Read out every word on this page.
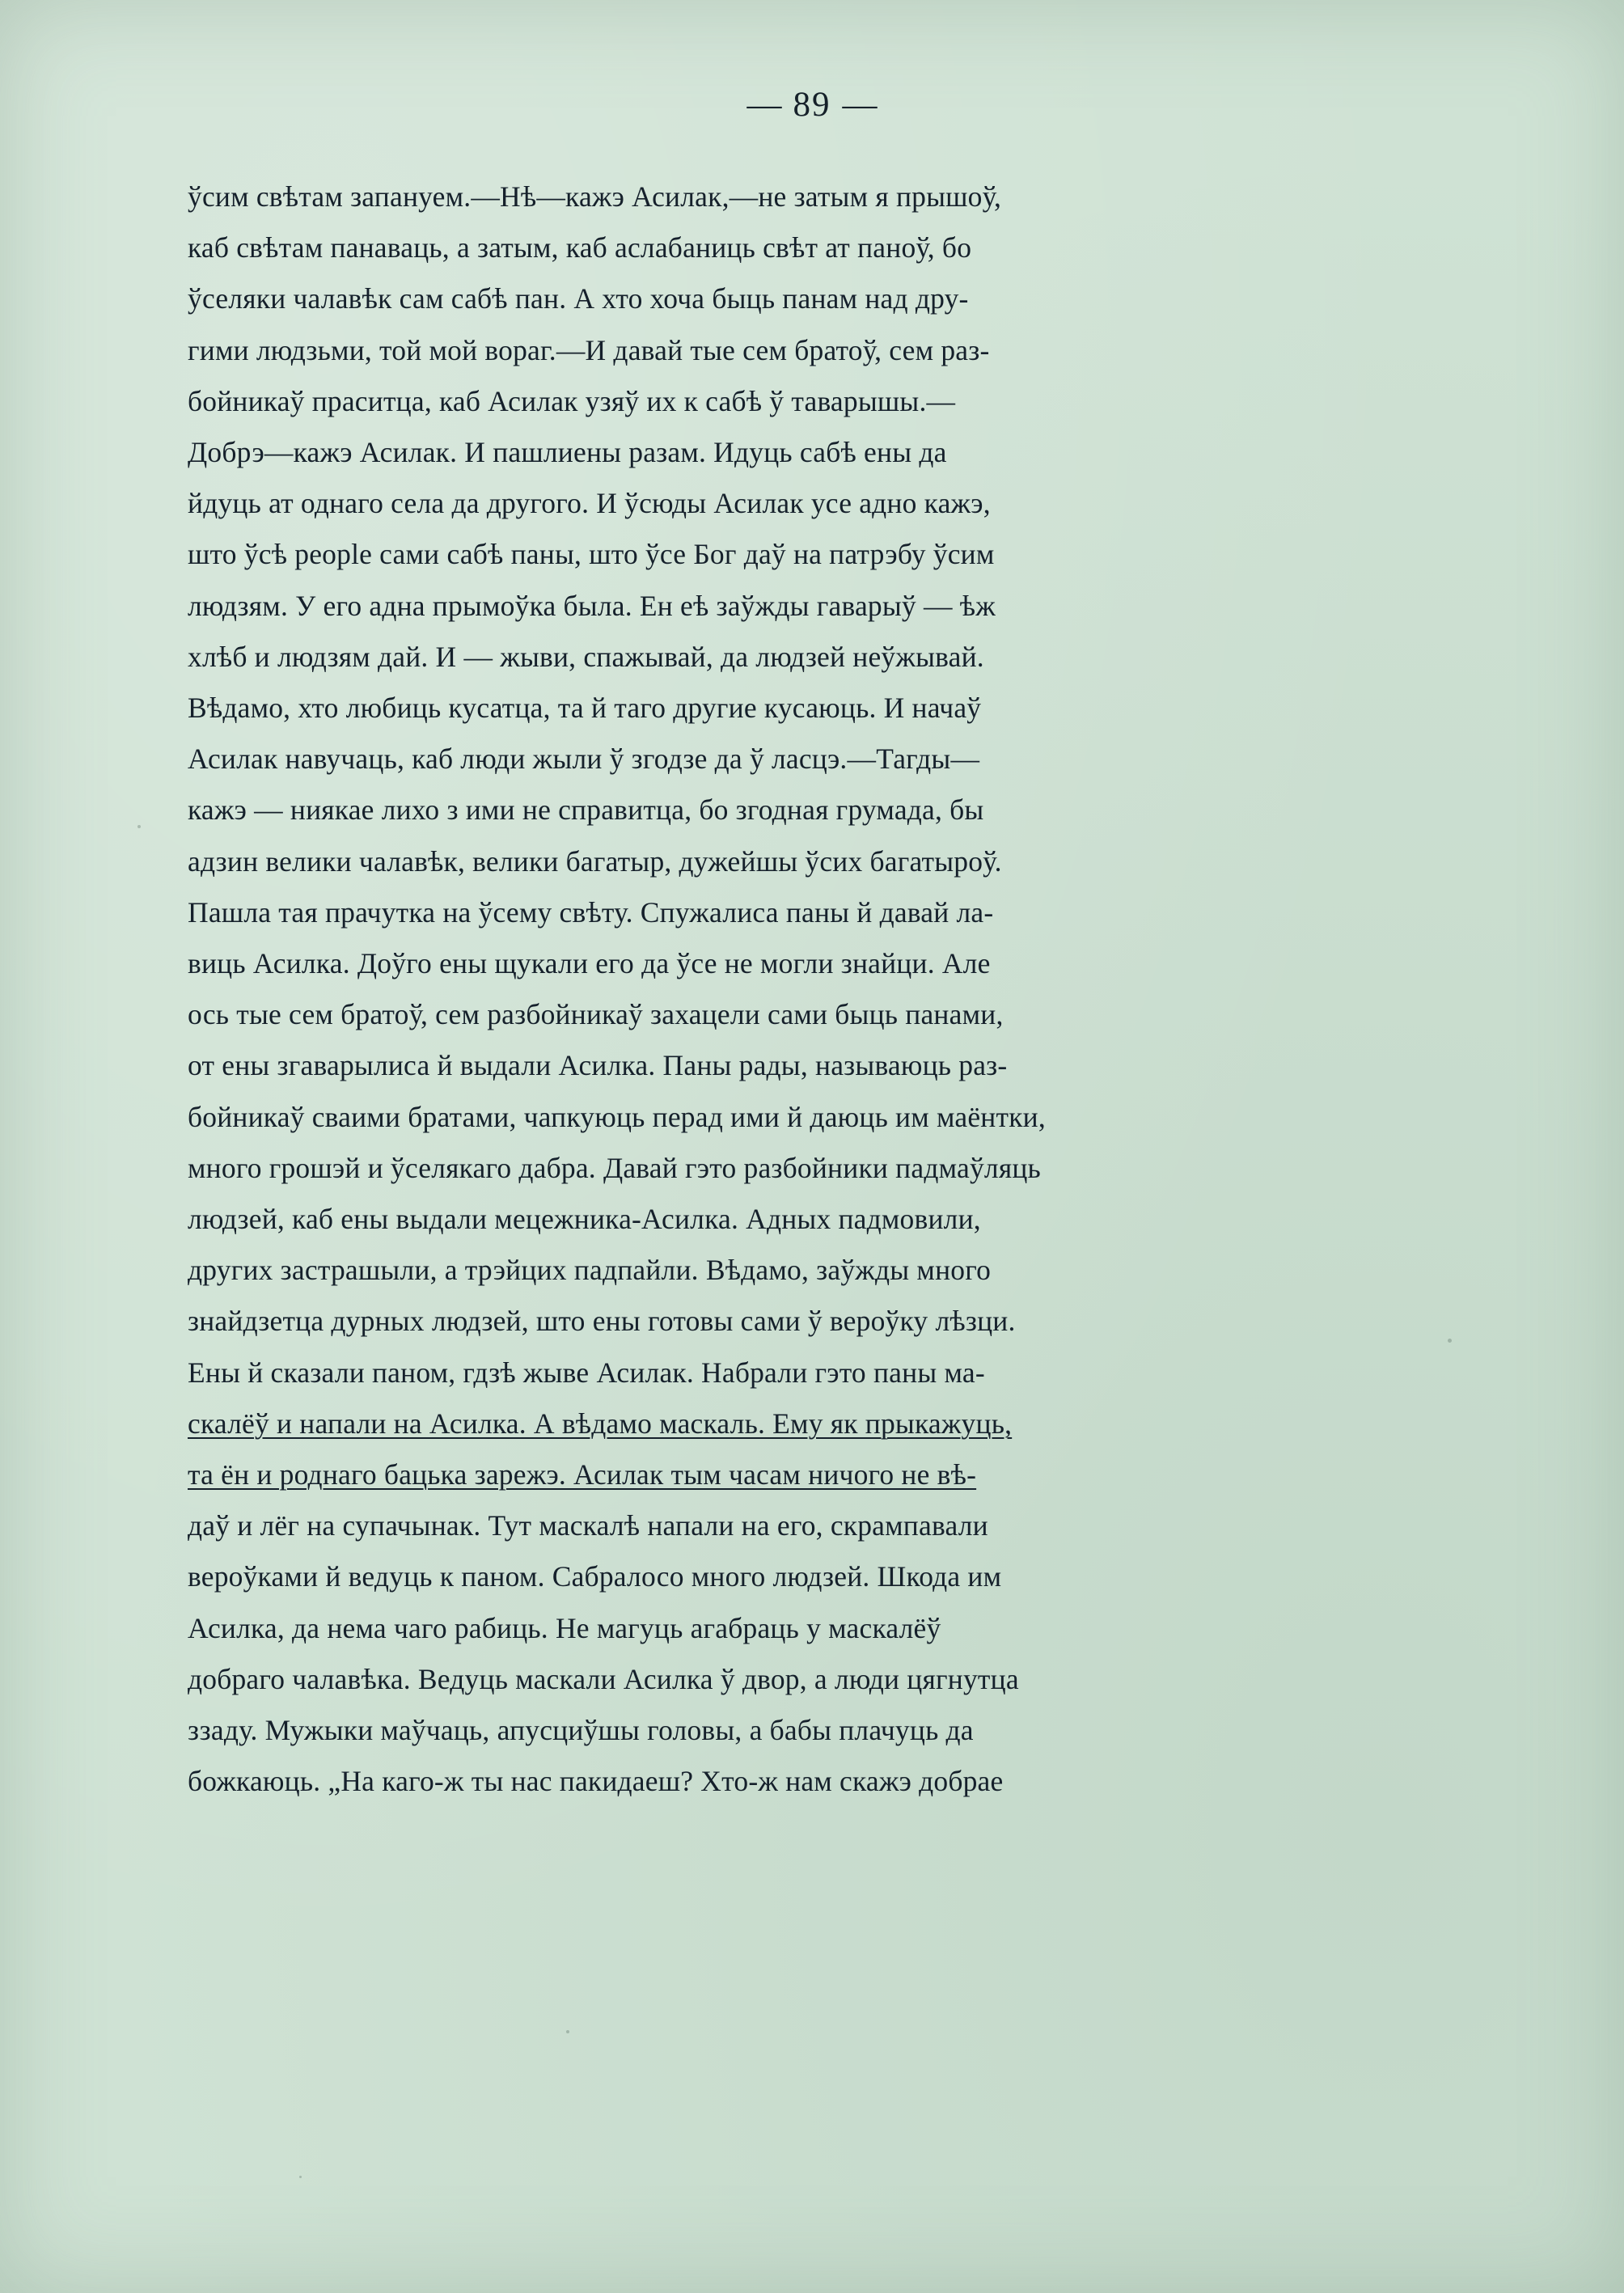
— 89 —

ўсим свѣтам запануем.—Нѣ—кажэ Асилак,—не затым я прышоў,
каб свѣтам панаваць, а затым, каб аслабаниць свѣт ат паноў, бо
ўселяки чалавѣк сам сабѣ пан. А хто хоча быць панам над дру-
гими людзьми, той мой вораг.—И давай тые сем братоў, сем раз-
бойникаў праситца, каб Асилак узяў их к сабѣ ў таварышы.—
Добрэ—кажэ Асилак. И пашлиены разам. Идуць сабѣ ены да
йдуць ат однаго села да другого. И ўсюды Асилак усе адно кажэ,
што ўсѣ people сами сабѣ паны, што ўсе Бог даў на патрэбу ўсим
людзям. У его адна прымоўка была. Ен еѣ заўжды гаварыў — ѣж
хлѣб и людзям дай. И — жыви, спажывай, да людзей неўжывай.
Вѣдамо, хто любиць кусатца, та й таго другие кусаюць. И начаў
Асилак навучаць, каб люди жыли ў згодзе да ў ласцэ.—Тагды—
кажэ — ниякае лихо з ими не справитца, бо згодная грумада, бы
адзин велики чалавѣк, велики багатыр, дужейшы ўсих багатыроў.
Пашла тая прачутка на ўсему свѣту. Спужалиса паны й давай ла-
виць Асилка. Доўго ены щукали его да ўсе не могли знайци. Але
ось тые сем братоў, сем разбойникаў захацели сами быць панами,
от ены згаварылиса й выдали Асилка. Паны рады, называюць раз-
бойникаў сваими братами, чапкуюць перад ими й даюць им маёнтки,
много грошэй и ўселякаго дабра. Давай гэто разбойники падмаўляць
людзей, каб ены выдали мецежника-Асилка. Адных падмовили,
других застрашыли, а трэйцих падпайли. Вѣдамо, заўжды много
знайдзетца дурных людзей, што ены готовы сами ў вероўку лѣзци.
Ены й сказали паном, гдзѣ жыве Асилак. Набрали гэто паны ма-
скалёў и напали на Асилка. А вѣдамо маскаль. Ему як прыкажуць,
та ён и роднаго бацька зарежэ. Асилак тым часам ничого не вѣ-
даў и лёг на супачынак. Тут маскалѣ напали на его, скрампавали
вероўками й ведуць к паном. Сабралосо много людзей. Шкода им
Асилка, да нема чаго рабиць. Не магуць агабраць у маскалёў
добраго чалавѣка. Ведуць маскали Асилка ў двор, а люди цягнутца
ззаду. Мужыки маўчаць, апусциўшы головы, а бабы плачуць да
божкаюць. „На каго-ж ты нас пакидаеш? Хто-ж нам скажэ добрае
